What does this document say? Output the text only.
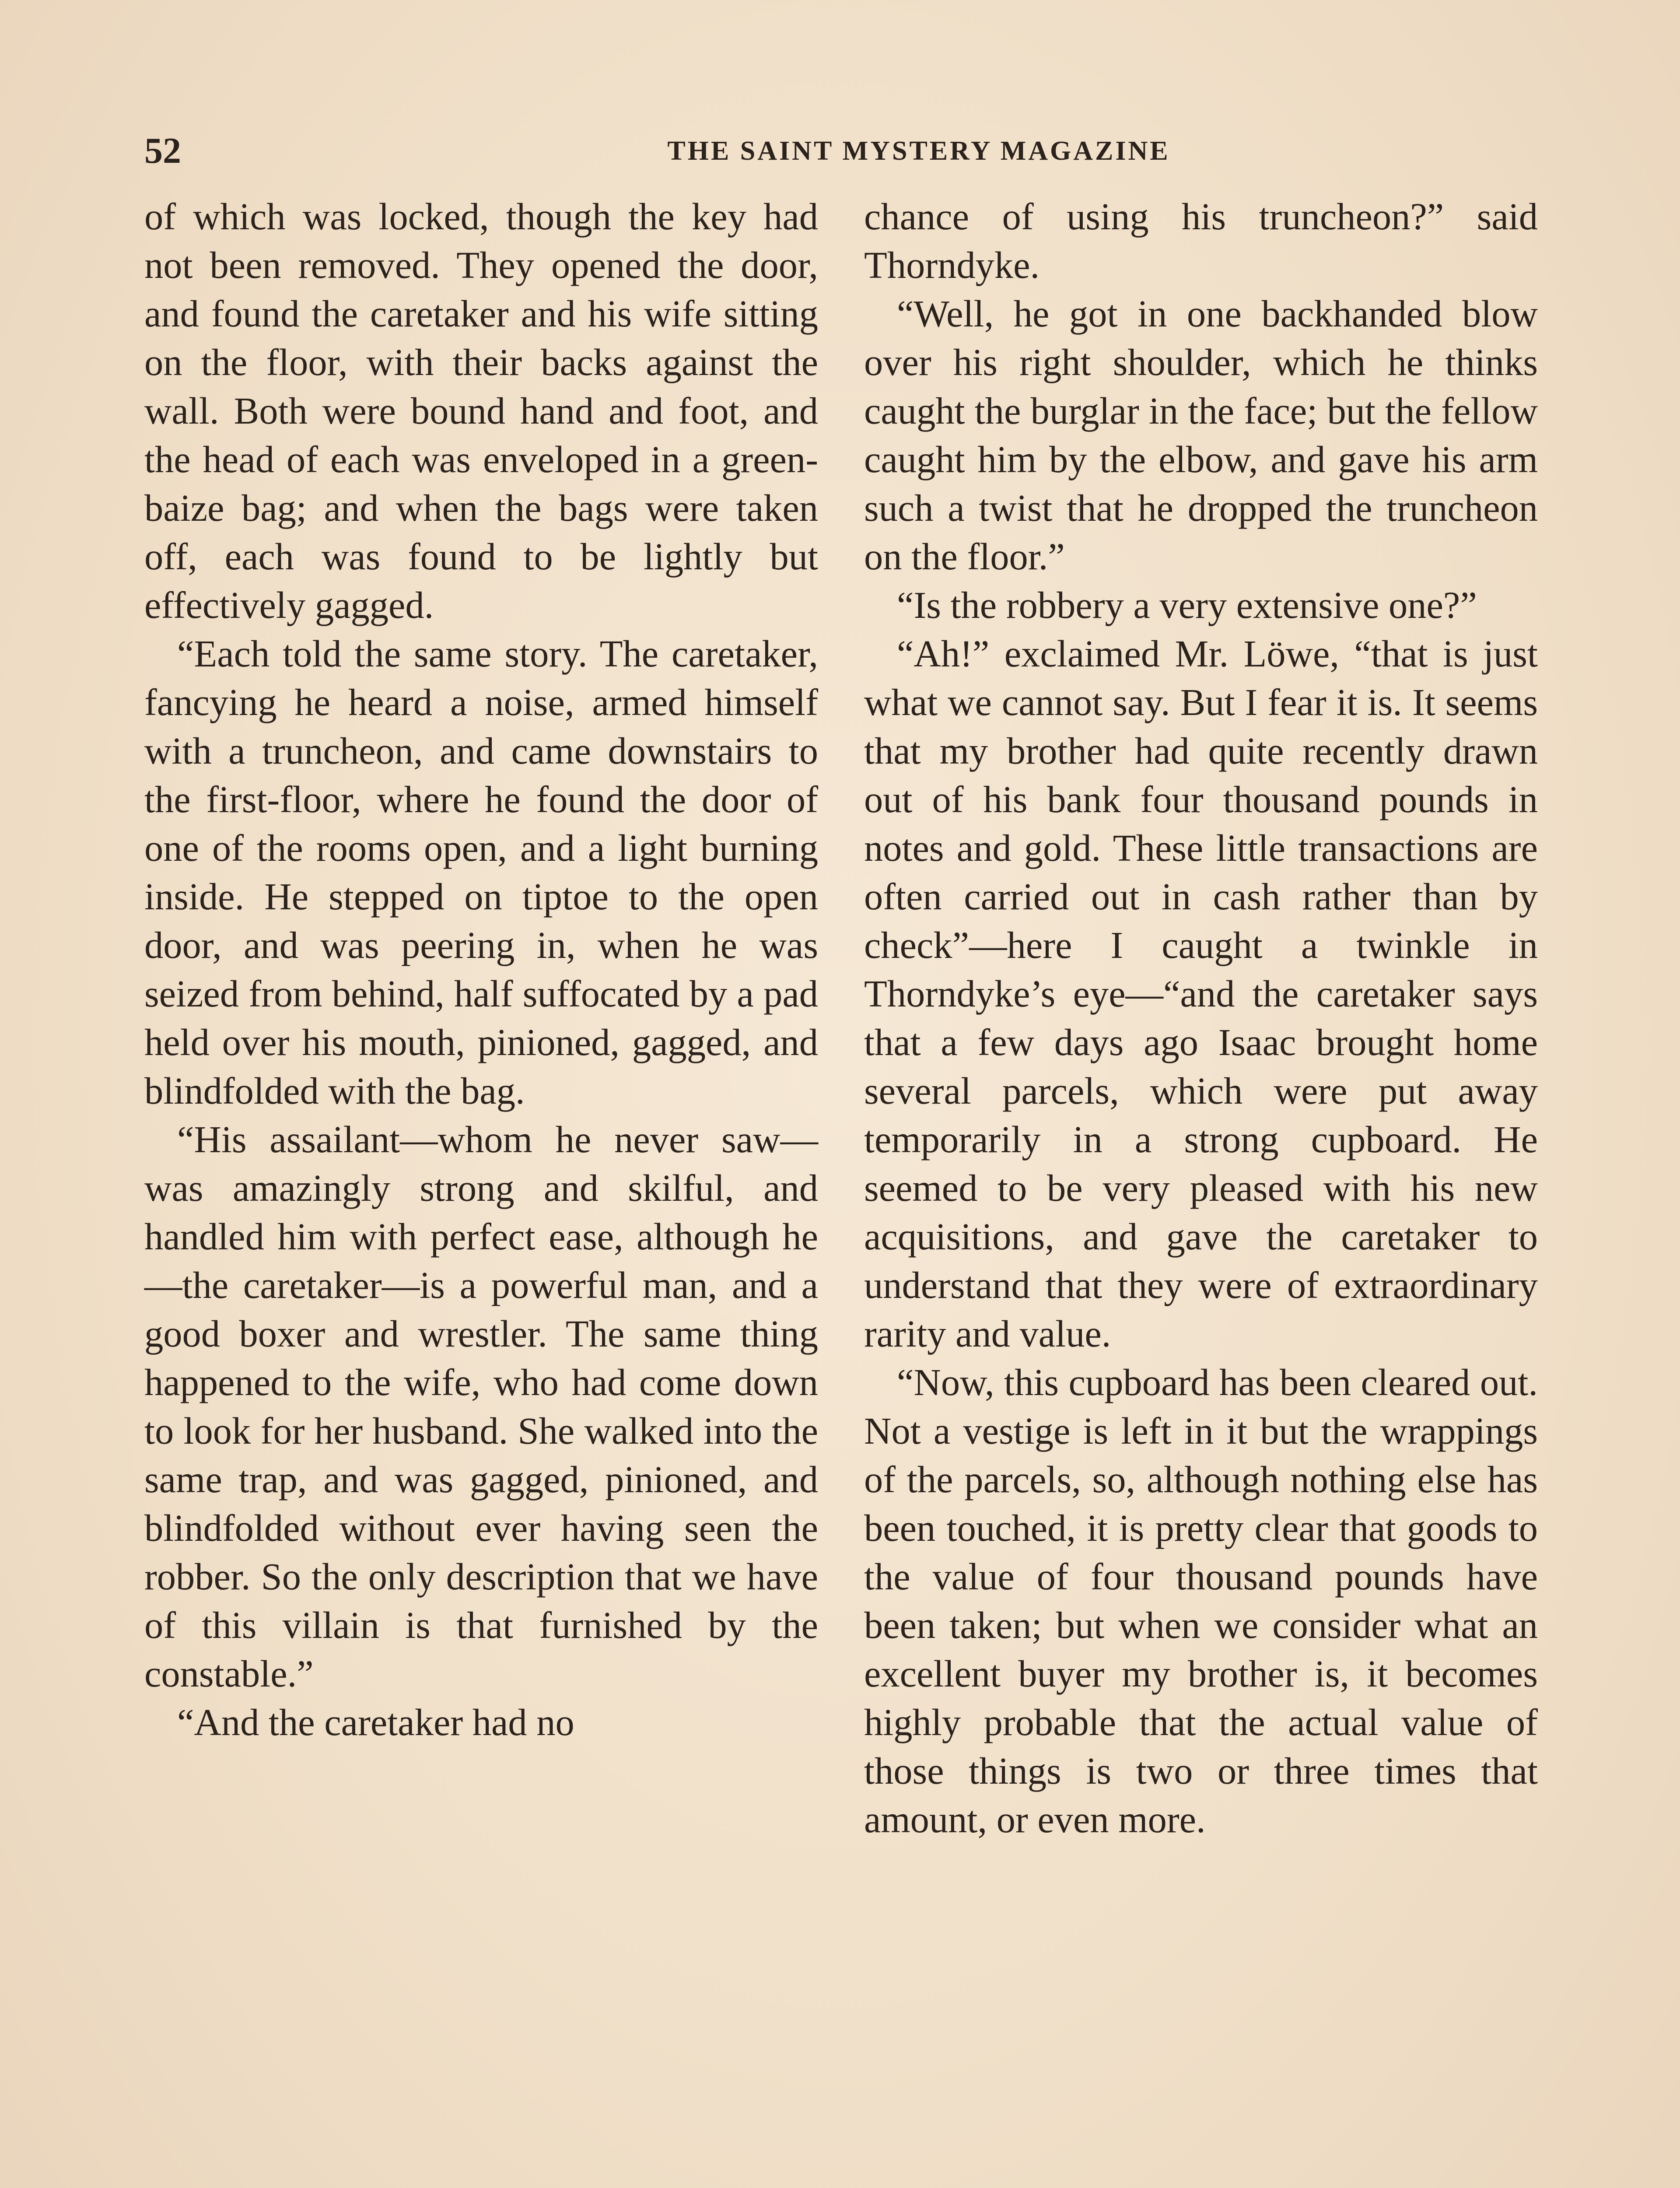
52	THE SAINT MYSTERY MAGAZINE

of which was locked, though the key had not been removed. They opened the door, and found the caretaker and his wife sitting on the floor, with their backs against the wall. Both were bound hand and foot, and the head of each was enveloped in a green-baize bag; and when the bags were taken off, each was found to be lightly but effectively gagged.

“Each told the same story. The caretaker, fancying he heard a noise, armed himself with a truncheon, and came downstairs to the first-floor, where he found the door of one of the rooms open, and a light burning inside. He stepped on tiptoe to the open door, and was peering in, when he was seized from behind, half suffocated by a pad held over his mouth, pinioned, gagged, and blindfolded with the bag.

“His assailant—whom he never saw—was amazingly strong and skilful, and handled him with perfect ease, although he—the caretaker—is a powerful man, and a good boxer and wrestler. The same thing happened to the wife, who had come down to look for her husband. She walked into the same trap, and was gagged, pinioned, and blindfolded without ever having seen the robber. So the only description that we have of this villain is that furnished by the constable.”

“And the caretaker had no

chance of using his truncheon?” said Thorndyke.

“Well, he got in one backhanded blow over his right shoulder, which he thinks caught the burglar in the face; but the fellow caught him by the elbow, and gave his arm such a twist that he dropped the truncheon on the floor.”

“Is the robbery a very extensive one?”

“Ah!” exclaimed Mr. Löwe, “that is just what we cannot say. But I fear it is. It seems that my brother had quite recently drawn out of his bank four thousand pounds in notes and gold. These little transactions are often carried out in cash rather than by check”—here I caught a twinkle in Thorndyke’s eye—“and the caretaker says that a few days ago Isaac brought home several parcels, which were put away temporarily in a strong cupboard. He seemed to be very pleased with his new acquisitions, and gave the caretaker to understand that they were of extraordinary rarity and value.

“Now, this cupboard has been cleared out. Not a vestige is left in it but the wrappings of the parcels, so, although nothing else has been touched, it is pretty clear that goods to the value of four thousand pounds have been taken; but when we consider what an excellent buyer my brother is, it becomes highly probable that the actual value of those things is two or three times that amount, or even more.
